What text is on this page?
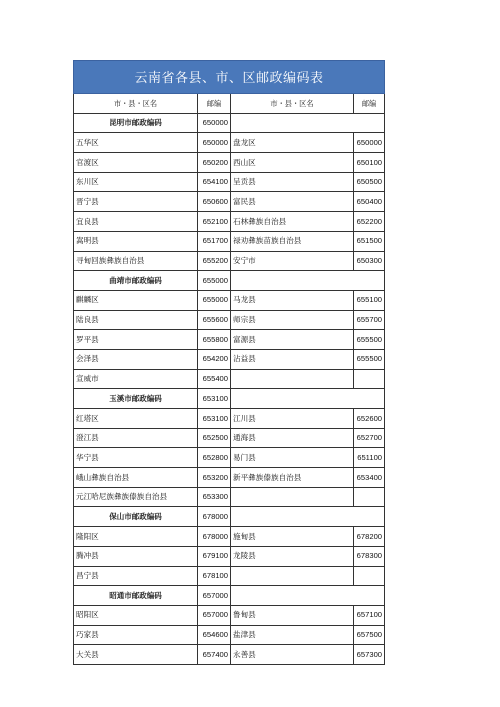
云南省各县、市、区邮政编码表			
市・县・区名	邮编	市・县・区名	邮编
昆明市邮政编码	650000		
五华区	650000	盘龙区	650000
官渡区	650200	西山区	650100
东川区	654100	呈贡县	650500
晋宁县	650600	富民县	650400
宜良县	652100	石林彝族自治县	652200
嵩明县	651700	禄劝彝族苗族自治县	651500
寻甸回族彝族自治县	655200	安宁市	650300
曲靖市邮政编码	655000		
麒麟区	655000	马龙县	655100
陆良县	655600	师宗县	655700
罗平县	655800	富源县	655500
会泽县	654200	沾益县	655500
宣威市	655400		
玉溪市邮政编码	653100		
红塔区	653100	江川县	652600
澄江县	652500	通海县	652700
华宁县	652800	易门县	651100
峨山彝族自治县	653200	新平彝族傣族自治县	653400
元江哈尼族彝族傣族自治县	653300		
保山市邮政编码	678000		
隆阳区	678000	施甸县	678200
腾冲县	679100	龙陵县	678300
昌宁县	678100		
昭通市邮政编码	657000		
昭阳区	657000	鲁甸县	657100
巧家县	654600	盐津县	657500
大关县	657400	永善县	657300
